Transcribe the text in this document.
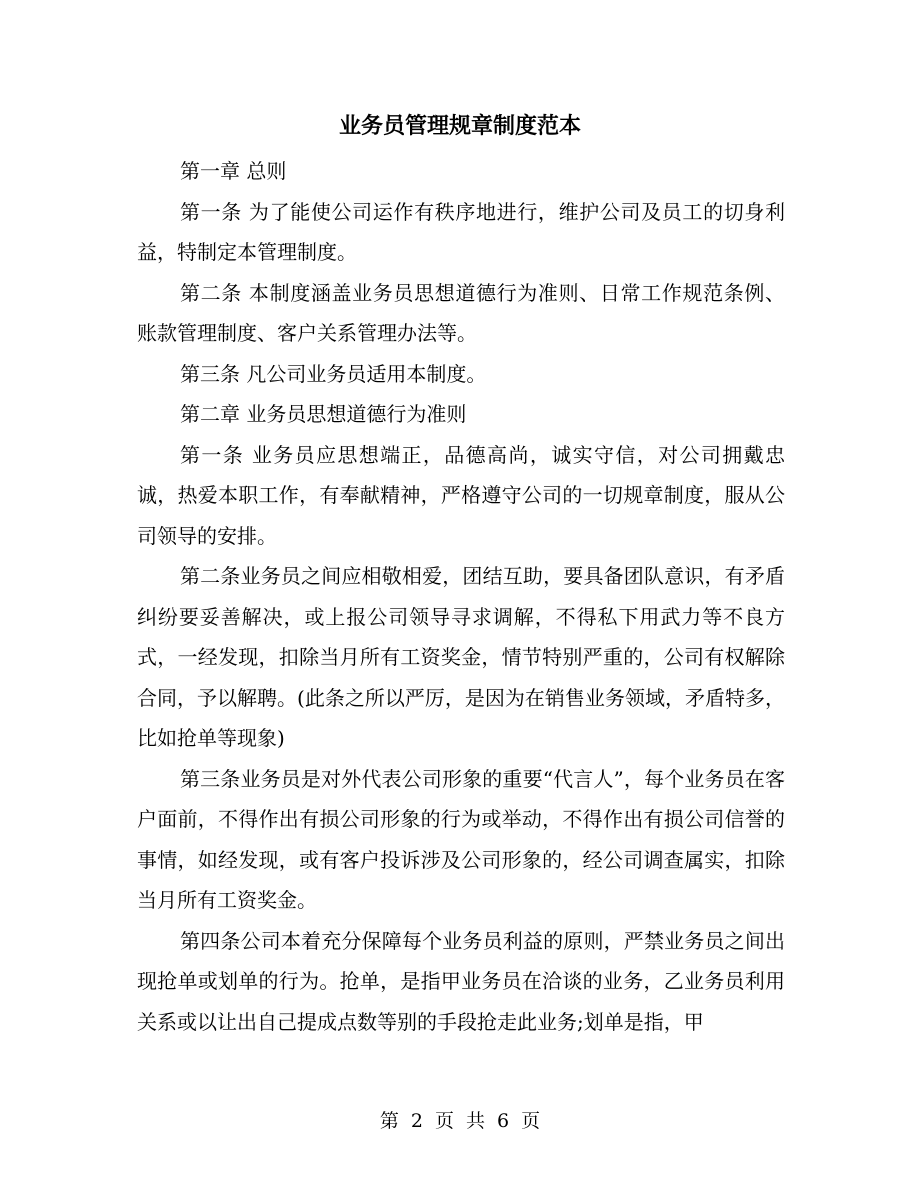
业务员管理规章制度范本

第一章 总则

第一条 为了能使公司运作有秩序地进行，维护公司及员工的切身利益，特制定本管理制度。

第二条 本制度涵盖业务员思想道德行为准则、日常工作规范条例、账款管理制度、客户关系管理办法等。

第三条 凡公司业务员适用本制度。

第二章 业务员思想道德行为准则

第一条 业务员应思想端正，品德高尚，诚实守信，对公司拥戴忠诚，热爱本职工作，有奉献精神，严格遵守公司的一切规章制度，服从公司领导的安排。

第二条业务员之间应相敬相爱，团结互助，要具备团队意识，有矛盾纠纷要妥善解决，或上报公司领导寻求调解，不得私下用武力等不良方式，一经发现，扣除当月所有工资奖金，情节特别严重的，公司有权解除合同，予以解聘。(此条之所以严厉，是因为在销售业务领域，矛盾特多，比如抢单等现象)

第三条业务员是对外代表公司形象的重要“代言人”，每个业务员在客户面前，不得作出有损公司形象的行为或举动，不得作出有损公司信誉的事情，如经发现，或有客户投诉涉及公司形象的，经公司调查属实，扣除当月所有工资奖金。

第四条公司本着充分保障每个业务员利益的原则，严禁业务员之间出现抢单或划单的行为。抢单，是指甲业务员在洽谈的业务，乙业务员利用关系或以让出自己提成点数等别的手段抢走此业务;划单是指，甲

第 2 页 共 6 页
